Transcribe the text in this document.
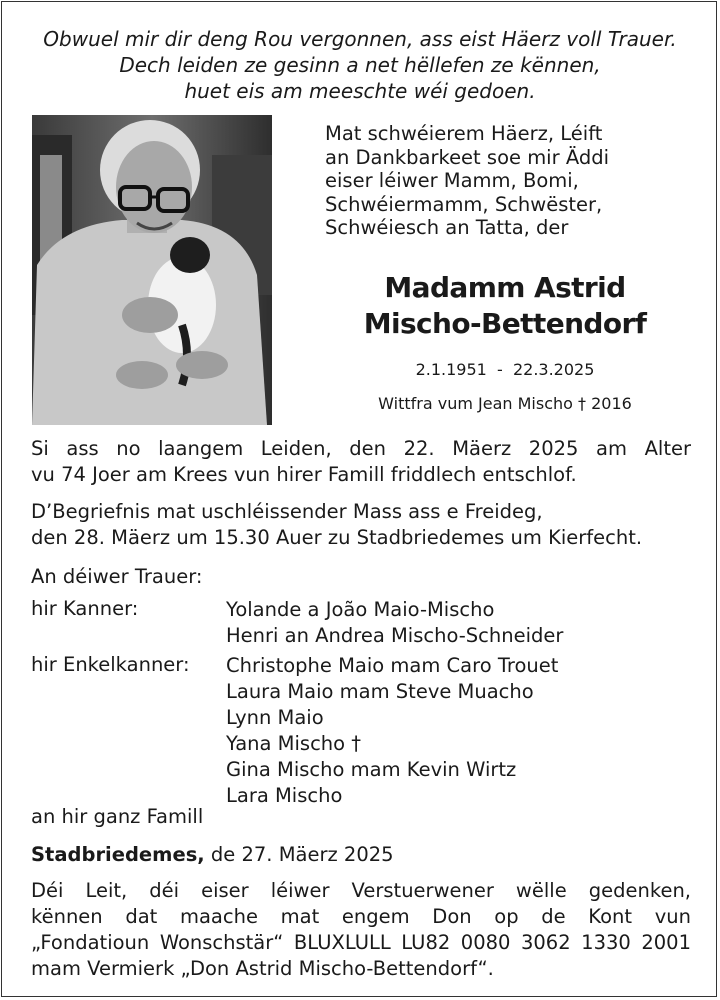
Obwuel mir dir deng Rou vergonnen, ass eist Häerz voll Trauer.
Dech leiden ze gesinn a net hëllefen ze kënnen,
huet eis am meeschte wéi gedoen.
Mat schwéierem Häerz, Léift
an Dankbarkeet soe mir Äddi
eiser léiwer Mamm, Bomi,
Schwéiermamm, Schwëster,
Schwéiesch an Tatta, der
Madamm Astrid
Mischo-Bettendorf
2.1.1951  -  22.3.2025
Wittfra vum Jean Mischo † 2016
Si ass no laangem Leiden, den 22. Mäerz 2025 am Alter
vu 74 Joer am Krees vun hirer Famill friddlech entschlof.
D’Begriefnis mat uschléissender Mass ass e Freideg,
den 28. Mäerz um 15.30 Auer zu Stadbriedemes um Kierfecht.
An déiwer Trauer:
hir Kanner:	Yolande a João Maio-Mischo
Henri an Andrea Mischo-Schneider
hir Enkelkanner: Christophe Maio mam Caro Trouet
Laura Maio mam Steve Muacho
Lynn Maio
Yana Mischo †
Gina Mischo mam Kevin Wirtz
Lara Mischo
an hir ganz Famill
Stadbriedemes, de 27. Mäerz 2025
Déi Leit, déi eiser léiwer Verstuerwener wëlle gedenken,
kënnen dat maache mat engem Don op de Kont vun
„Fondatioun Wonschstär“ BLUXLULL LU82 0080 3062 1330 2001
mam Vermierk „Don Astrid Mischo-Bettendorf“.
